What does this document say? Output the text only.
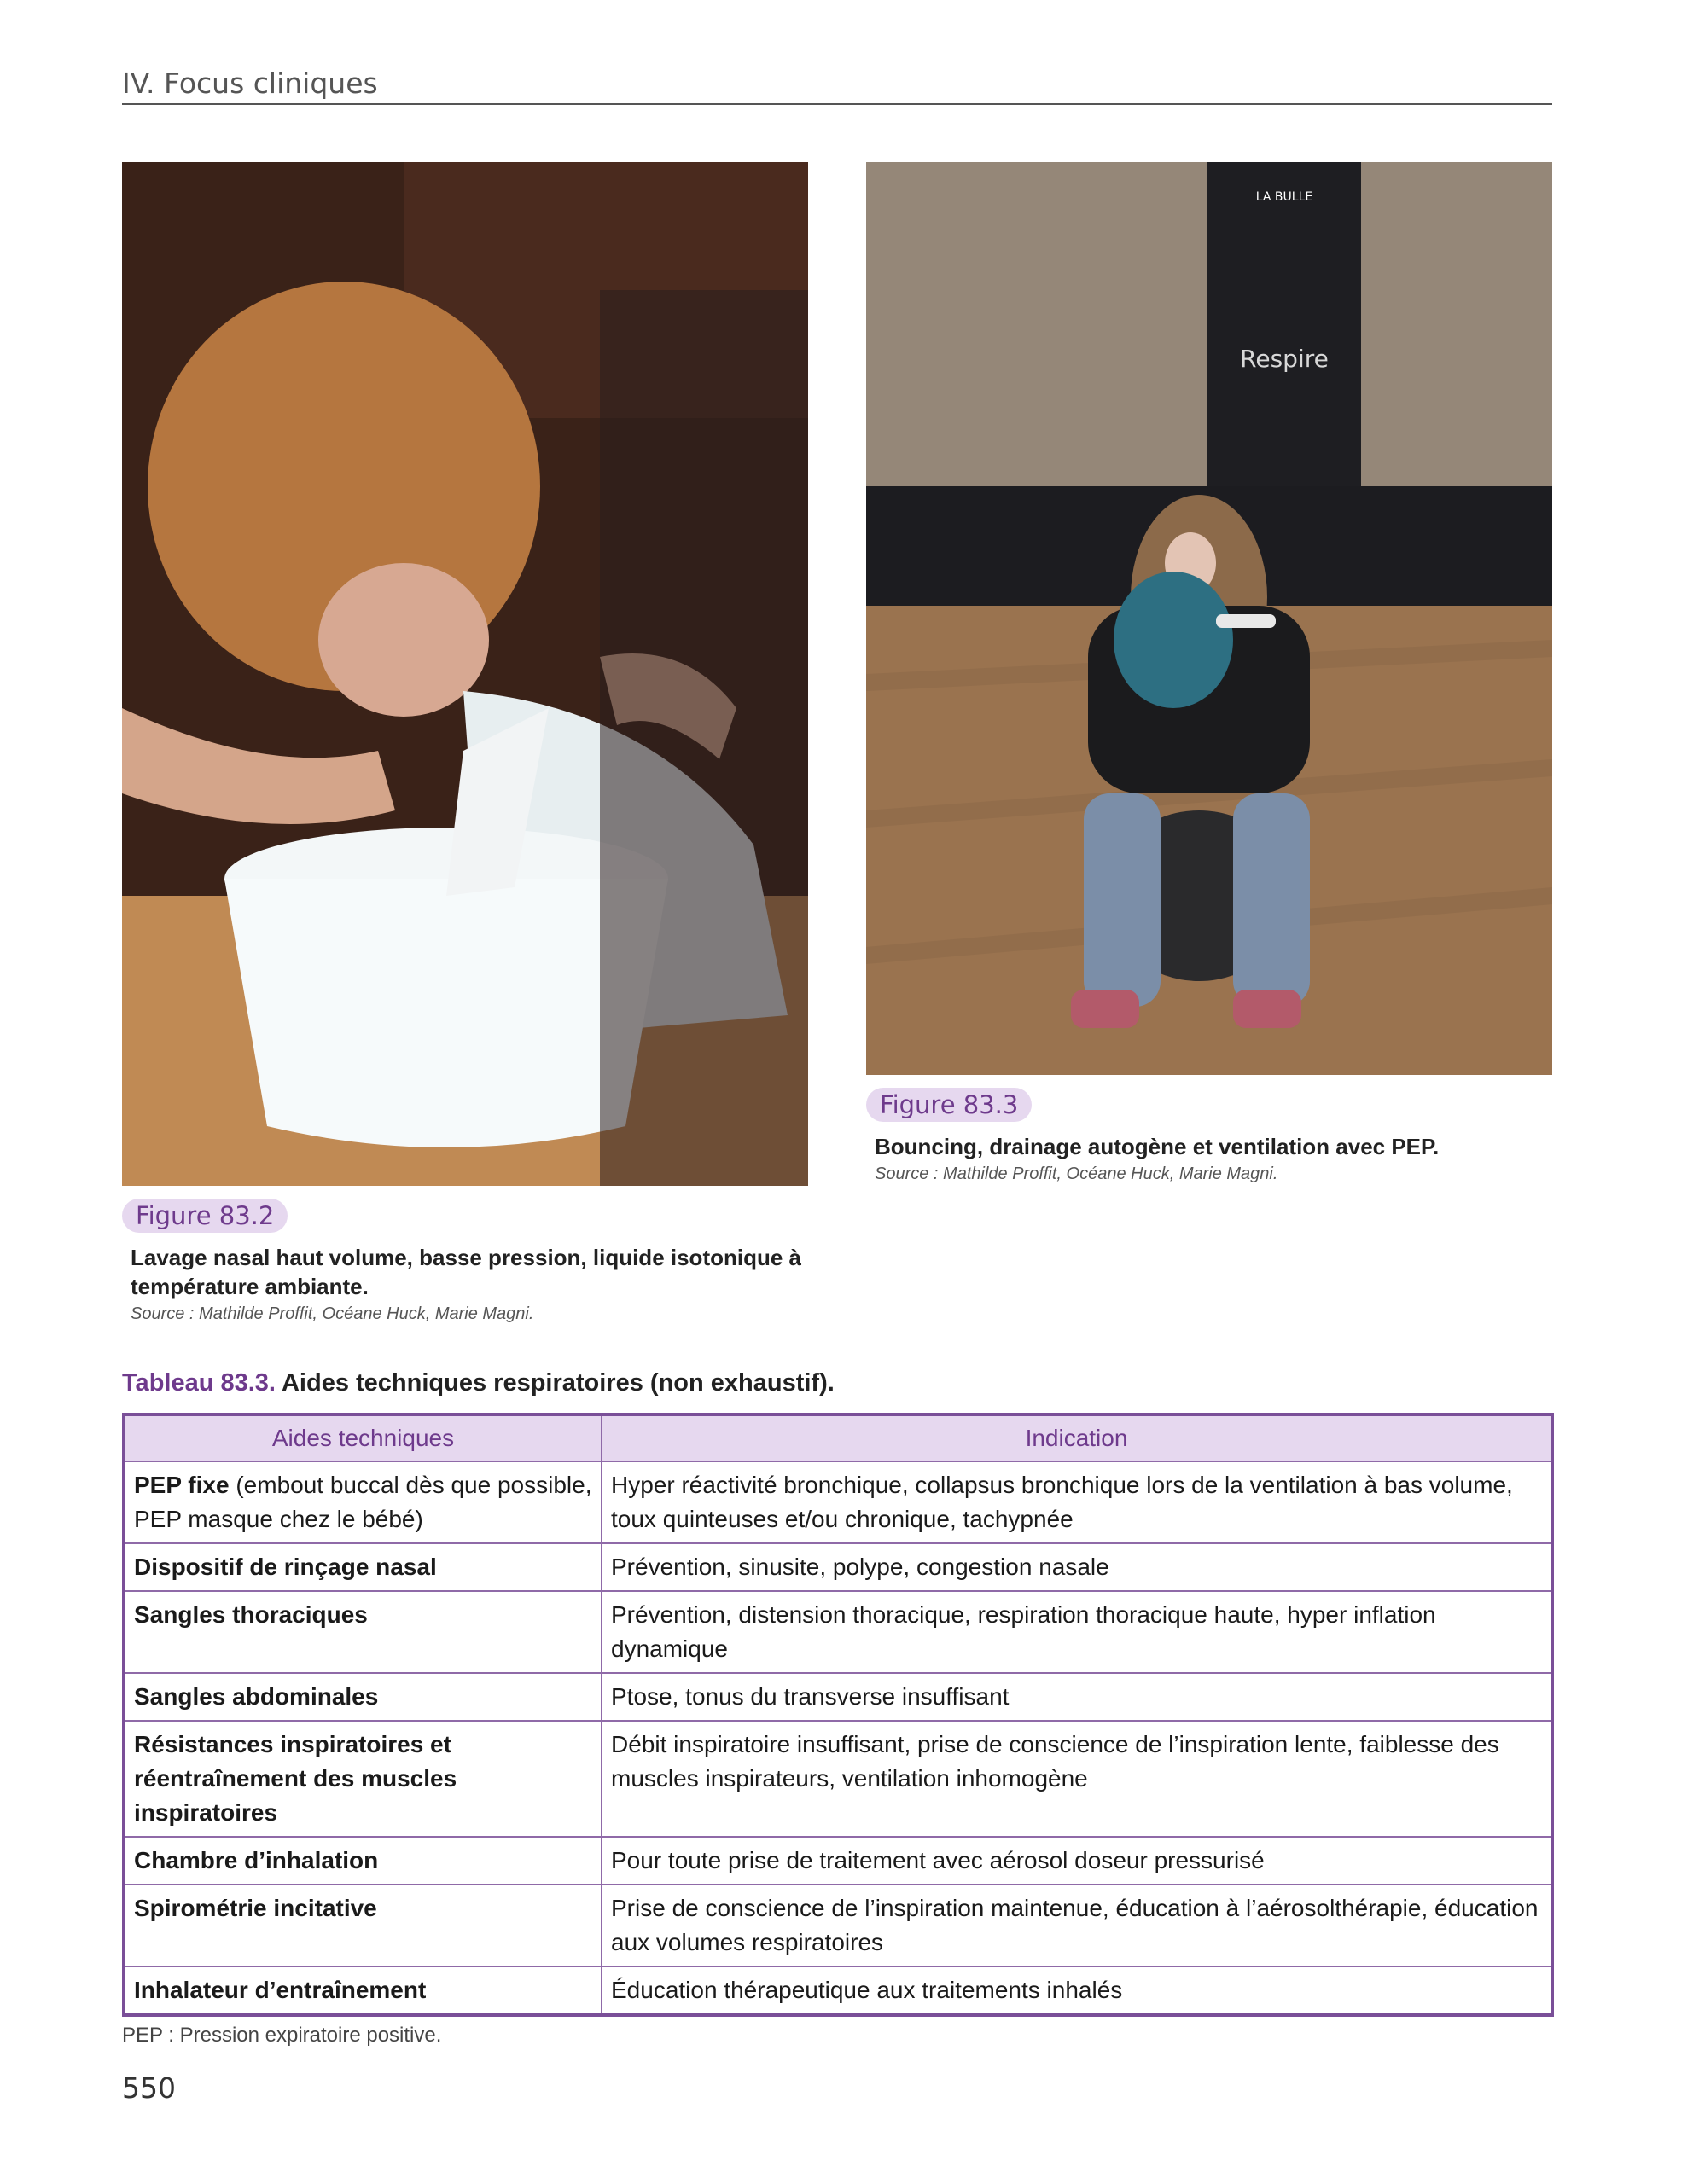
IV. Focus cliniques
LA BULLE
Respire
Figure 83.3
Bouncing, drainage autogène et ventilation avec PEP.
Source : Mathilde Proffit, Océane Huck, Marie Magni.
Figure 83.2
Lavage nasal haut volume, basse pression, liquide isotonique à
température ambiante.
Source : Mathilde Proffit, Océane Huck, Marie Magni.
Tableau 83.3. Aides techniques respiratoires (non exhaustif).
Aides techniques	Indication
PEP fixe (embout buccal dès que possible, PEP masque chez le bébé)	Hyper réactivité bronchique, collapsus bronchique lors de la ventilation à bas volume, toux quinteuses et/ou chronique, tachypnée
Dispositif de rinçage nasal	Prévention, sinusite, polype, congestion nasale
Sangles thoraciques	Prévention, distension thoracique, respiration thoracique haute, hyper inflation dynamique
Sangles abdominales	Ptose, tonus du transverse insuffisant
Résistances inspiratoires et réentraînement des muscles inspiratoires	Débit inspiratoire insuffisant, prise de conscience de l’inspiration lente, faiblesse des muscles inspirateurs, ventilation inhomogène
Chambre d’inhalation	Pour toute prise de traitement avec aérosol doseur pressurisé
Spirométrie incitative	Prise de conscience de l’inspiration maintenue, éducation à l’aérosolthérapie, éducation aux volumes respiratoires
Inhalateur d’entraînement	Éducation thérapeutique aux traitements inhalés
PEP : Pression expiratoire positive.
550
